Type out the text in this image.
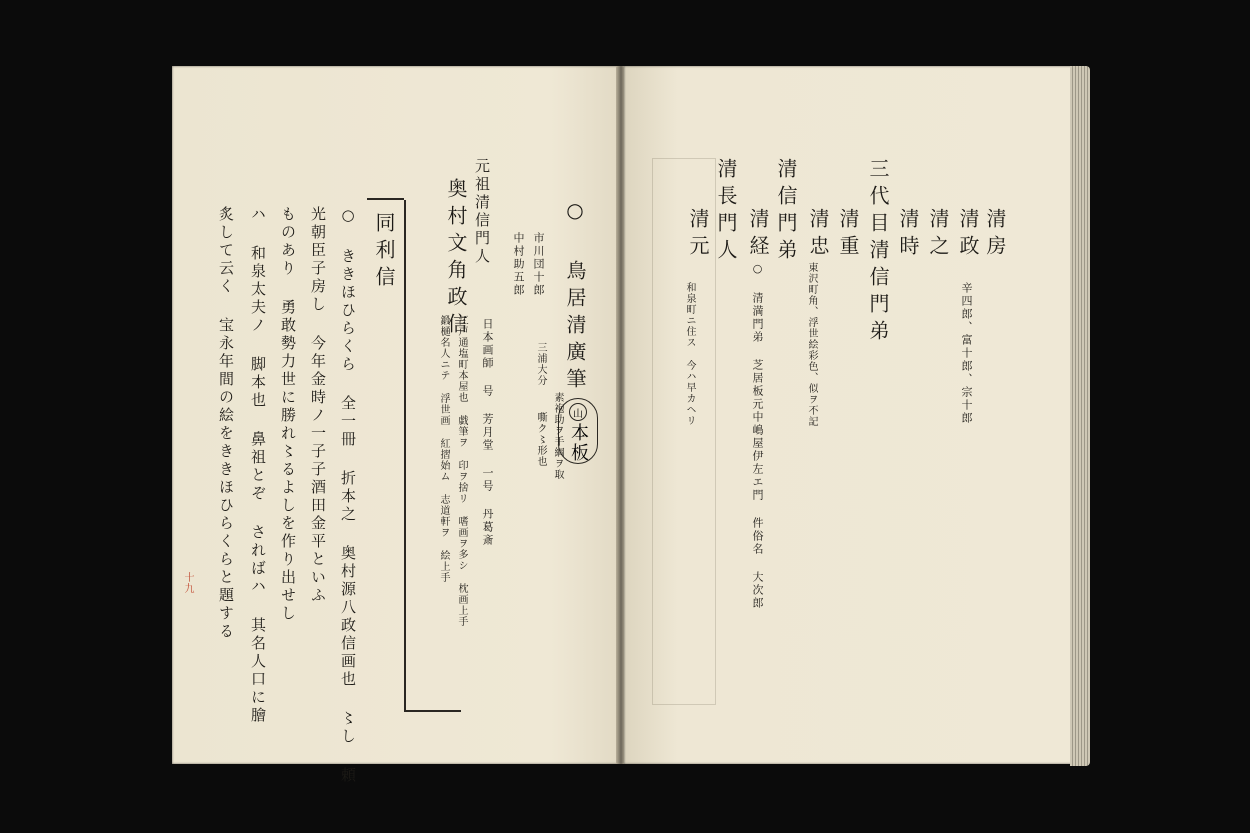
清房
清政
辛四郎、富十郎、宗十郎
清之
清時
三代目清信門弟
清重
清忠
東沢町角、浮世絵彩色、似ヲ不記
清信門弟
清経
○ 清満門弟 芝居板元中嶋屋伊左エ門 件俗名 大次郎
清長門人
清元
和泉町ニ住ス 今ハ早カヘリ
○ 鳥居清廣筆
山
本板
市川団十郎
中村助五郎
三浦大分
素袍助ヲ手綱ヲ取
嘶ク〻形也
日本画師 号 芳月堂 一号 丹葛斎
江戸通塩町本屋也 戯筆ヲ 印ヲ捨リ 嗜画ヲ多シ 枕画上手
鍛樋名人ニテ 浮世画 紅摺始ム 志道軒ヲ 絵上手
元祖清信門人
奥村文角政信
同利信
○ ききほひらくら 全一冊 折本之 奥村源八政信画也 〻し 頼
光朝臣子房し 今年金時ノ一子子酒田金平といふ
ものあり 勇敢勢力世に勝れ〻るよしを作り出せし
ハ 和泉太夫ノ 脚本也 鼻祖とぞ さればハ 其名人口に膾
炙して云く 宝永年間の絵をききほひらくらと題する
十九
